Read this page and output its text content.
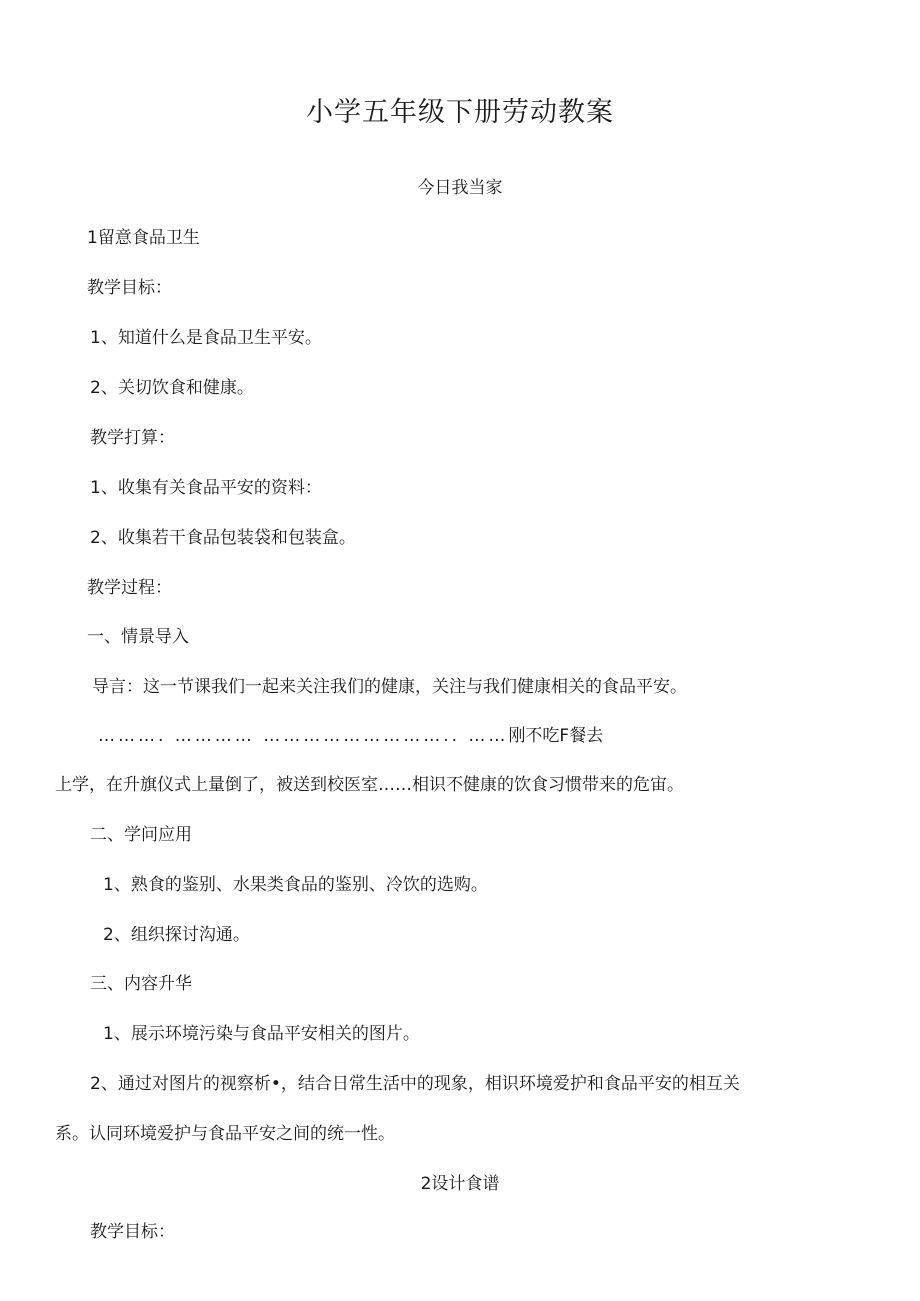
小学五年级下册劳动教案
今日我当家
1留意食品卫生
教学目标：
1、知道什么是食品卫生平安。
2、关切饮食和健康。
教学打算：
1、收集有关食品平安的资料：
2、收集若干食品包装袋和包装盒。
教学过程：
一、情景导入
导言：这一节课我们一起来关注我们的健康，关注与我们健康相关的食品平安。
………. ………… ……………………….. ……刚不吃F餐去
上学，在升旗仪式上量倒了，被送到校医室……相识不健康的饮食习惯带来的危宙。
二、学问应用
1、熟食的鉴别、水果类食品的鉴别、冷饮的选购。
2、组织探讨沟通。
三、内容升华
1、展示环境污染与食品平安相关的图片。
2、通过对图片的视察析•，结合日常生活中的现象，相识环境爱护和食品平安的相互关
系。认同环境爱护与食品平安之间的统一性。
2设计食谱
教学目标：
